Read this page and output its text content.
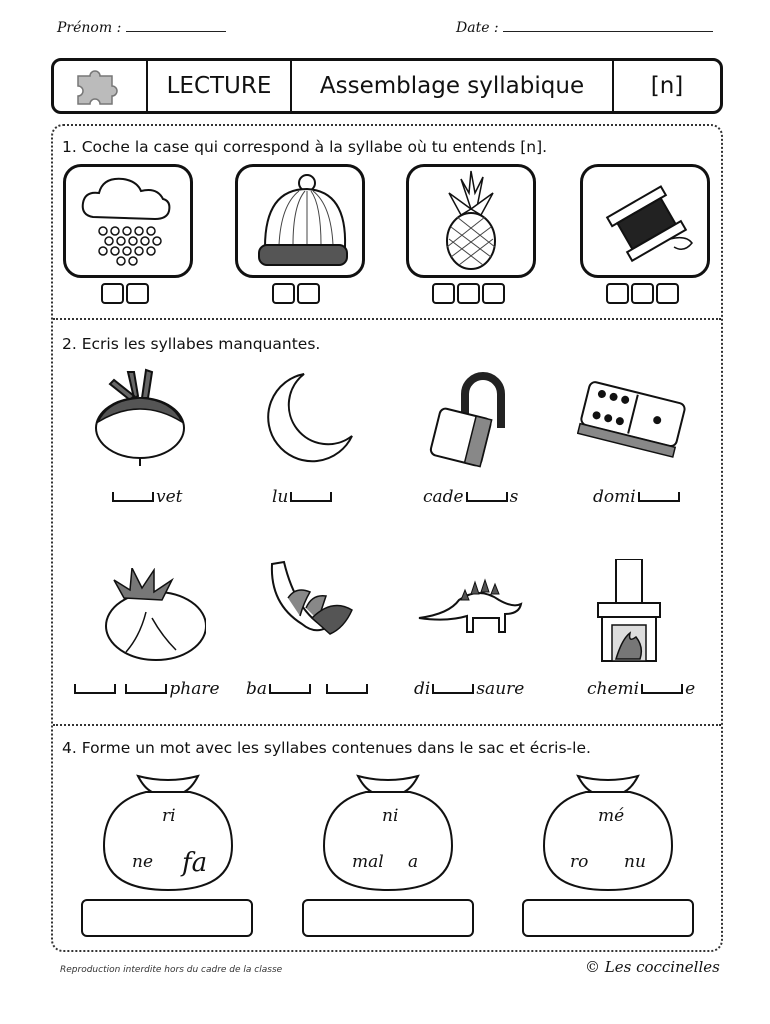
Prénom :	Date :
LECTURE	Assemblage syllabique	[n]
1. Coche la case qui correspond à la syllabe où tu entends [n].
2. Ecris les syllabes manquantes.
vet	lu	cade	s	domi
phare ba	di	saure	chemi	e
4. Forme un mot avec les syllabes contenues dans le sac et écris-le.
ri
ne fa
ni
mal a
mé
ro nu
Reproduction interdite hors du cadre de la classe	© Les coccinelles
